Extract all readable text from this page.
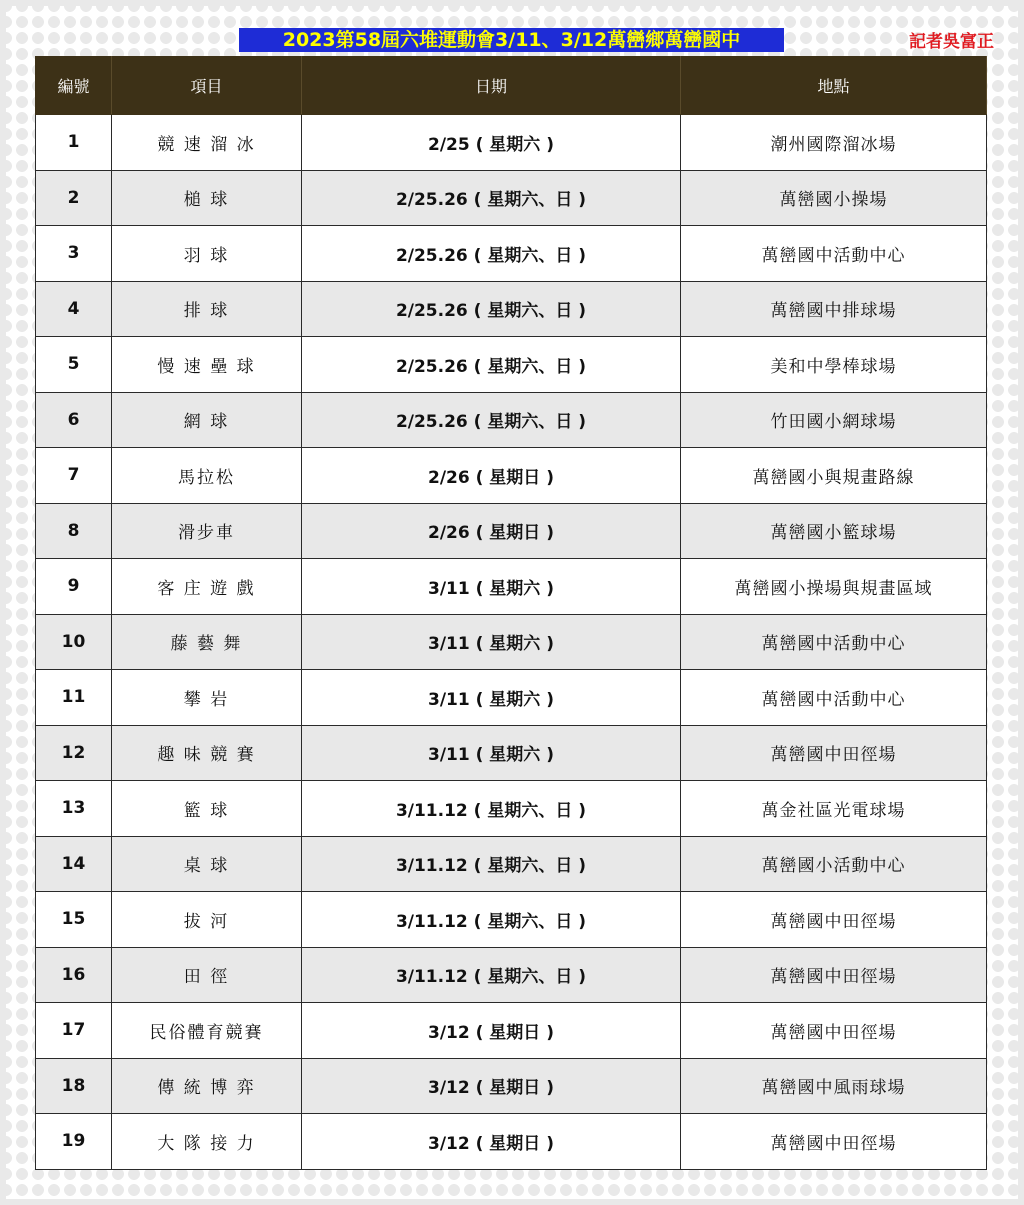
2023第58屆六堆運動會3/11、3/12萬巒鄉萬巒國中	記者吳富正
編號	項目	日期	地點
1	競 速 溜 冰	2/25 ( 星期六 )	潮州國際溜冰場
2	槌 球	2/25.26 ( 星期六、日 )	萬巒國小操場
3	羽 球	2/25.26 ( 星期六、日 )	萬巒國中活動中心
4	排 球	2/25.26 ( 星期六、日 )	萬巒國中排球場
5	慢 速 壘 球	2/25.26 ( 星期六、日 )	美和中學棒球場
6	網 球	2/25.26 ( 星期六、日 )	竹田國小網球場
7	馬拉松	2/26 ( 星期日 )	萬巒國小與規畫路線
8	滑步車	2/26 ( 星期日 )	萬巒國小籃球場
9	客 庄 遊 戲	3/11 ( 星期六 )	萬巒國小操場與規畫區域
10	藤 藝 舞	3/11 ( 星期六 )	萬巒國中活動中心
11	攀 岩	3/11 ( 星期六 )	萬巒國中活動中心
12	趣 味 競 賽	3/11 ( 星期六 )	萬巒國中田徑場
13	籃 球	3/11.12 ( 星期六、日 )	萬金社區光電球場
14	桌 球	3/11.12 ( 星期六、日 )	萬巒國小活動中心
15	拔 河	3/11.12 ( 星期六、日 )	萬巒國中田徑場
16	田 徑	3/11.12 ( 星期六、日 )	萬巒國中田徑場
17	民俗體育競賽	3/12 ( 星期日 )	萬巒國中田徑場
18	傳 統 博 弈	3/12 ( 星期日 )	萬巒國中風雨球場
19	大 隊 接 力	3/12 ( 星期日 )	萬巒國中田徑場
